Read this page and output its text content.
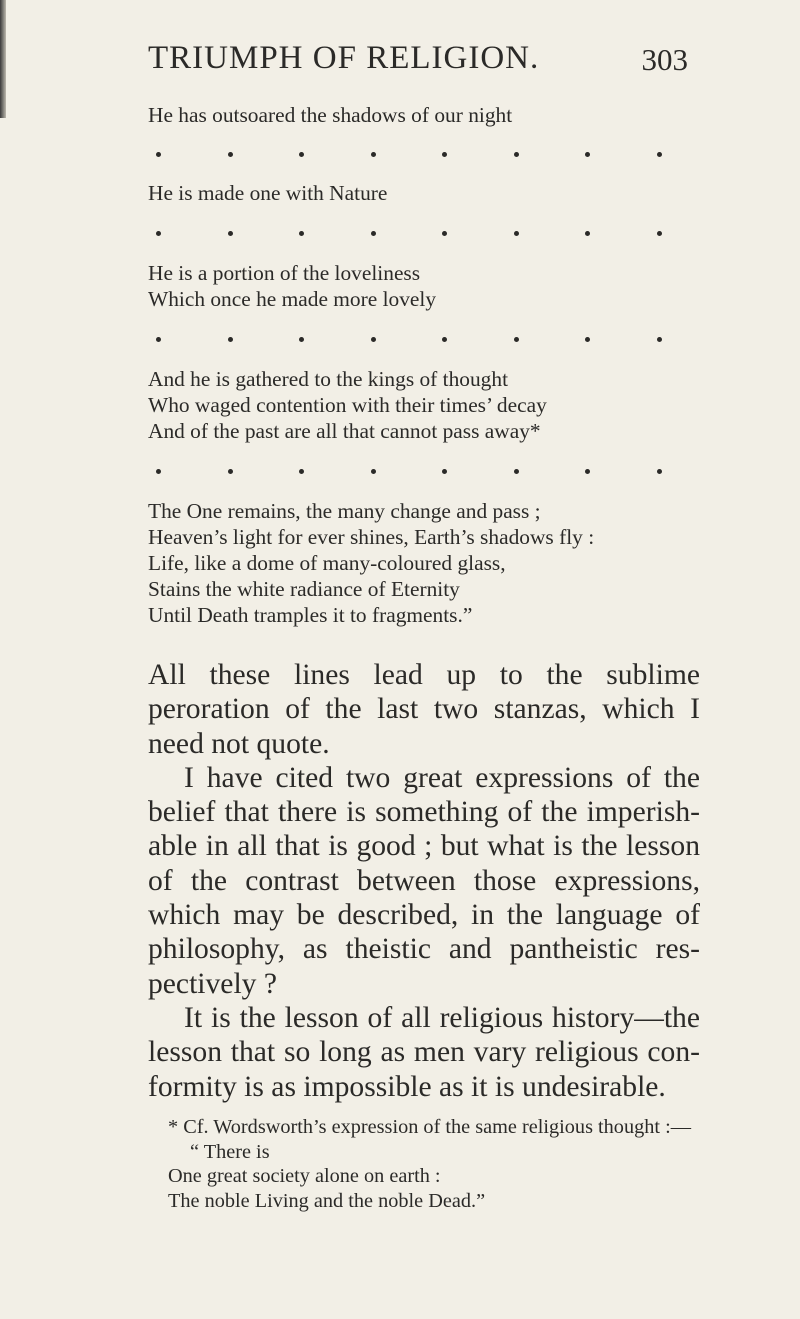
TRIUMPH OF RELIGION.	303
He has outsoared the shadows of our night
He is made one with Nature
He is a portion of the loveliness
Which once he made more lovely
And he is gathered to the kings of thought
Who waged contention with their times’ decay
And of the past are all that cannot pass away*
The One remains, the many change and pass ;
Heaven’s light for ever shines, Earth’s shadows fly :
Life, like a dome of many-coloured glass,
Stains the white radiance of Eternity
Until Death tramples it to fragments.”

All these lines lead up to the sublime peroration of the last two stanzas, which I need not quote.

I have cited two great expressions of the belief that there is something of the imperish-able in all that is good ; but what is the lesson of the contrast between those expressions, which may be described, in the language of philosophy, as theistic and pantheistic res-pectively ?

It is the lesson of all religious history—the lesson that so long as men vary religious con-formity is as impossible as it is undesirable.

* Cf. Wordsworth’s expression of the same religious thought :—

“ There is

One great society alone on earth :

The noble Living and the noble Dead.”
